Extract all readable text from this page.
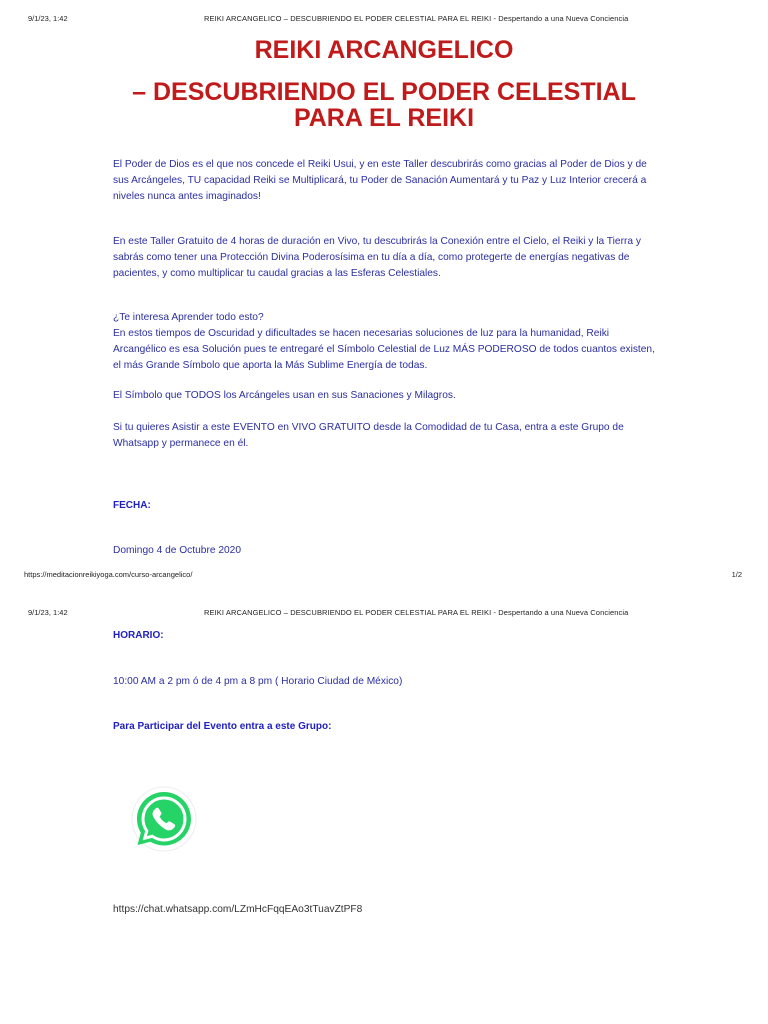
9/1/23, 1:42	REIKI ARCANGELICO – DESCUBRIENDO EL PODER CELESTIAL PARA EL REIKI - Despertando a una Nueva Conciencia
REIKI ARCANGELICO
– DESCUBRIENDO EL PODER CELESTIAL
PARA EL REIKI

El Poder de Dios es el que nos concede el Reiki Usui, y en este Taller descubrirás como gracias al Poder de Dios y de sus Arcángeles, TU capacidad Reiki se Multiplicará, tu Poder de Sanación Aumentará y tu Paz y Luz Interior crecerá a niveles nunca antes imaginados!

En este Taller Gratuito de 4 horas de duración en Vivo, tu descubrirás la Conexión entre el Cielo, el Reiki y la Tierra y sabrás como tener una Protección Divina Poderosísima en tu día a día, como protegerte de energías negativas de pacientes, y como multiplicar tu caudal gracias a las Esferas Celestiales.

¿Te interesa Aprender todo esto?

En estos tiempos de Oscuridad y dificultades se hacen necesarias soluciones de luz para la humanidad, Reiki Arcangélico es esa Solución pues te entregaré el Símbolo Celestial de Luz MÁS PODEROSO de todos cuantos existen, el más Grande Símbolo que aporta la Más Sublime Energía de todas.

El Símbolo que TODOS los Arcángeles usan en sus Sanaciones y Milagros.

Si tu quieres Asistir a este EVENTO en VIVO GRATUITO desde la Comodidad de tu Casa, entra a este Grupo de Whatsapp y permanece en él.

FECHA:

Domingo 4 de Octubre 2020

https://meditacionreikiyoga.com/curso-arcangelico/	1/2
9/1/23, 1:42	REIKI ARCANGELICO – DESCUBRIENDO EL PODER CELESTIAL PARA EL REIKI - Despertando a una Nueva Conciencia

HORARIO:

10:00 AM a 2 pm ó de 4 pm a 8 pm ( Horario Ciudad de México)

Para Participar del Evento entra a este Grupo:

https://chat.whatsapp.com/LZmHcFqqEAo3tTuavZtPF8
